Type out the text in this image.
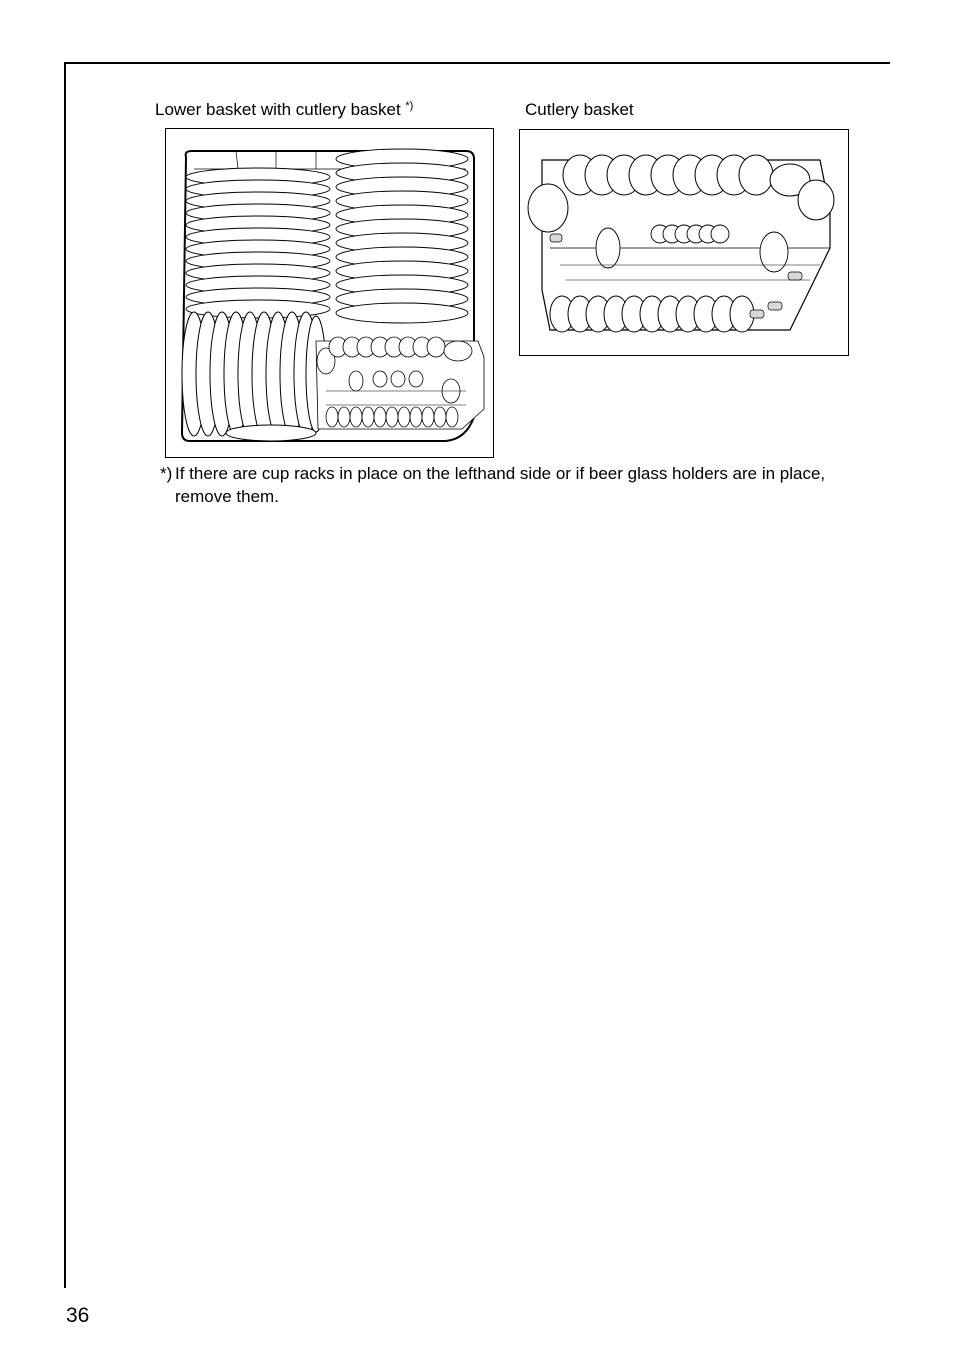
Lower basket with cutlery basket *)	Cutlery basket
*) If there are cup racks in place on the lefthand side or if beer glass holders are in place, remove them.
36
